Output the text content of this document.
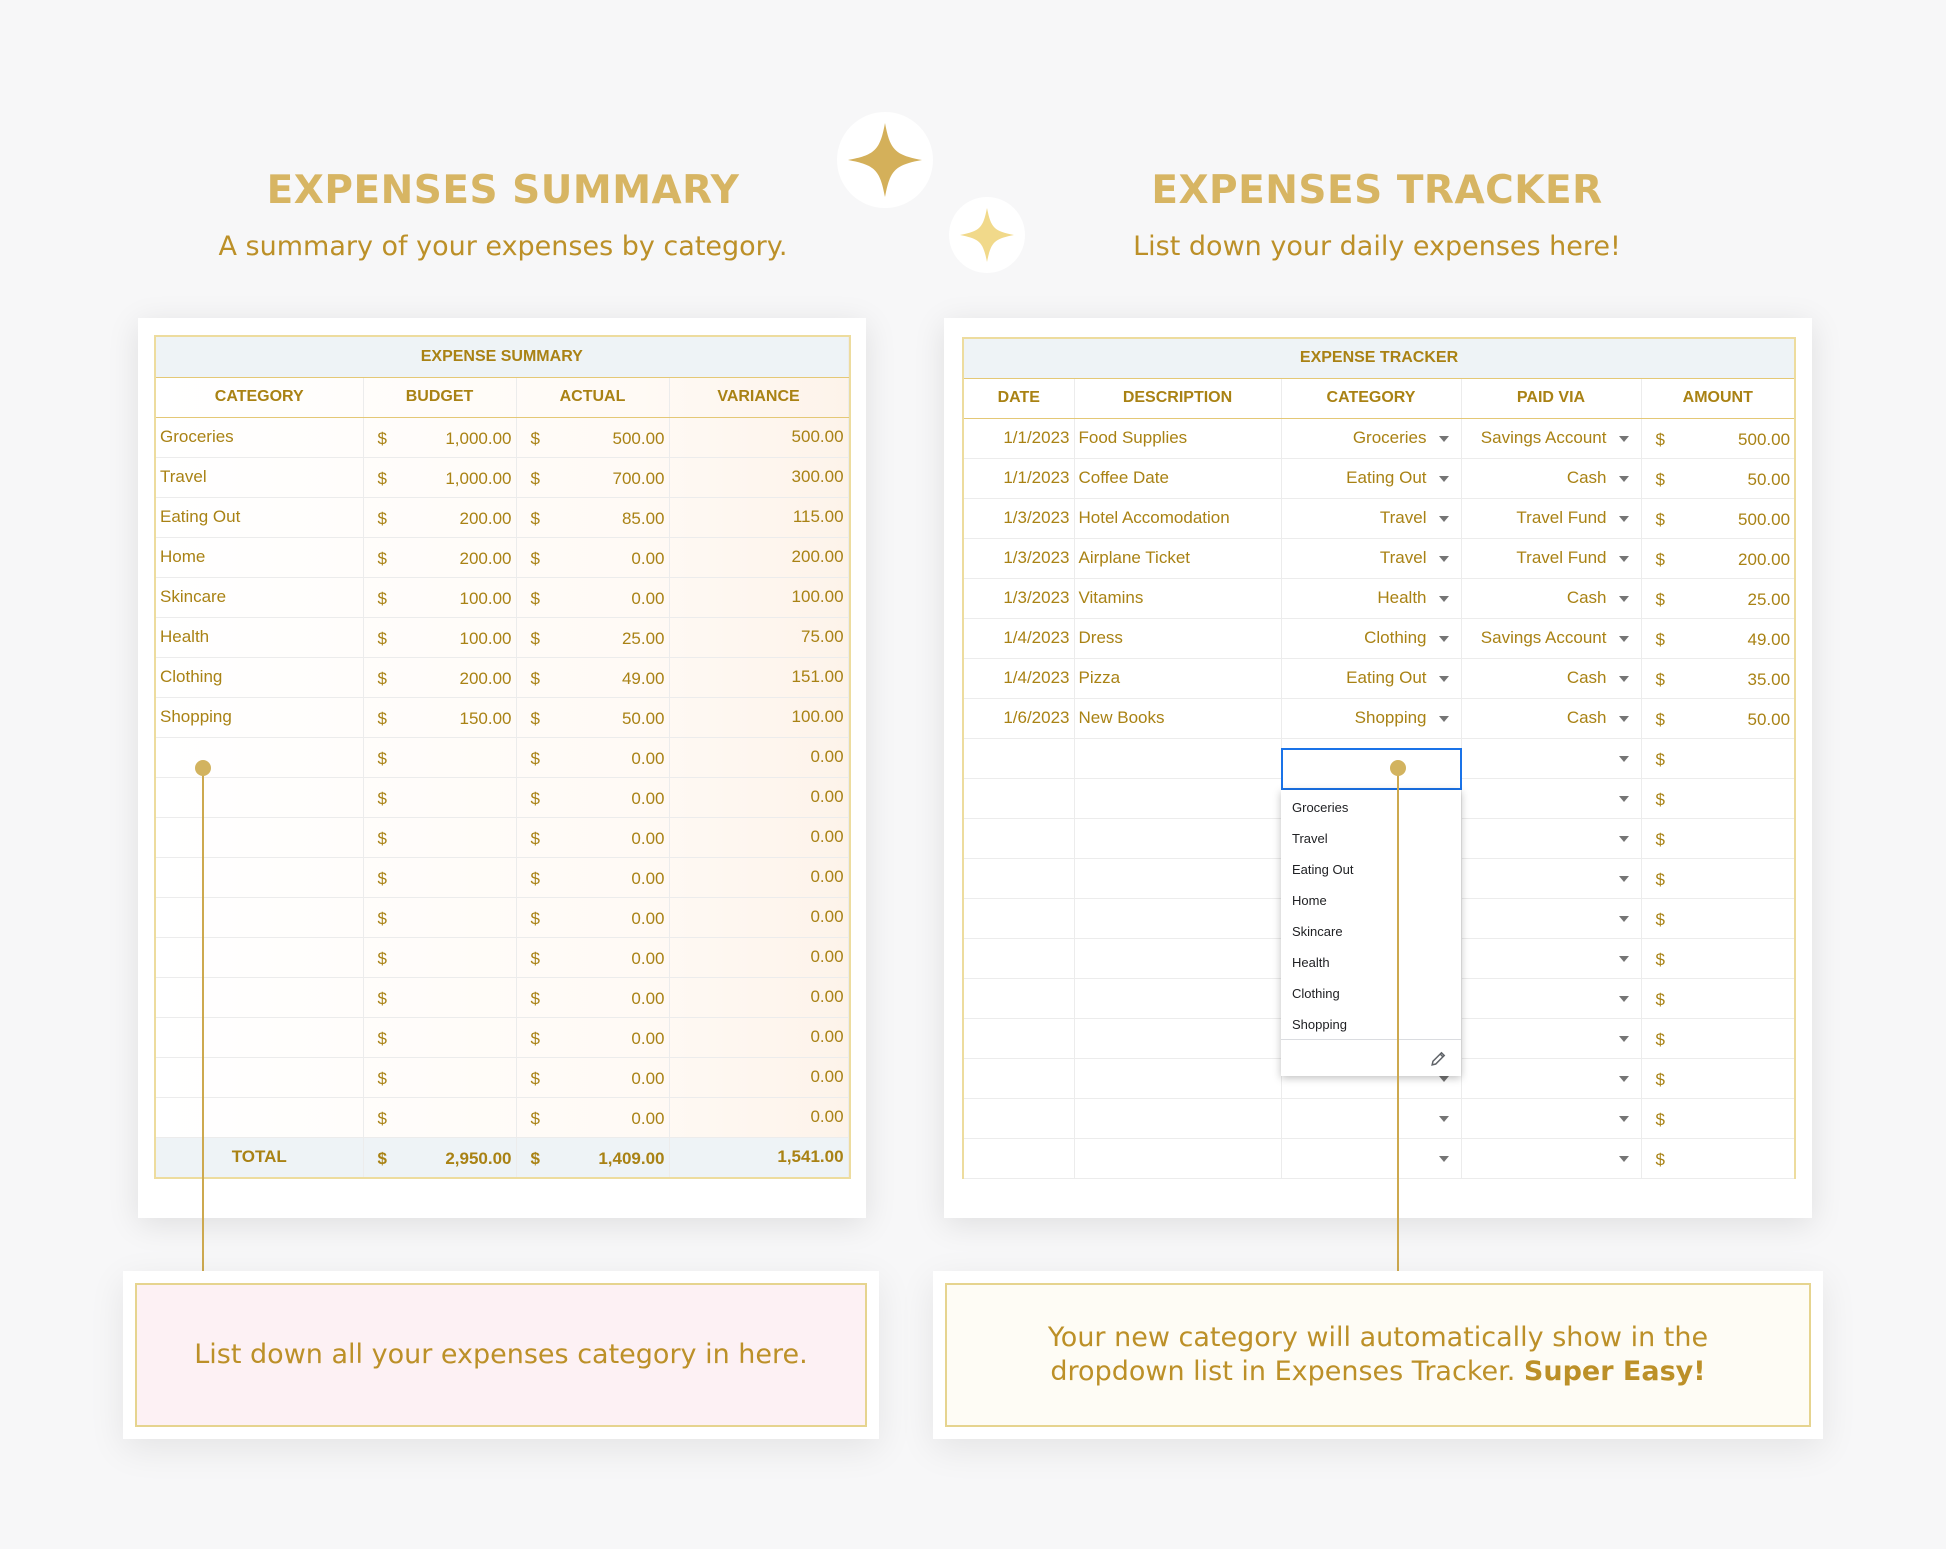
EXPENSES SUMMARY
A summary of your expenses by category.
EXPENSES TRACKER
List down your daily expenses here!
EXPENSE SUMMARY			
CATEGORY	BUDGET	ACTUAL	VARIANCE
Groceries	$ 1,000.00	$ 500.00	500.00
Travel	$ 1,000.00	$ 700.00	300.00
Eating Out	$ 200.00	$ 85.00	115.00
Home	$ 200.00	$ 0.00	200.00
Skincare	$ 100.00	$ 0.00	100.00
Health	$ 100.00	$ 25.00	75.00
Clothing	$ 200.00	$ 49.00	151.00
Shopping	$ 150.00	$ 50.00	100.00

	$	$ 0.00	0.00

	$	$ 0.00	0.00

	$	$ 0.00	0.00

	$	$ 0.00	0.00

	$	$ 0.00	0.00

	$	$ 0.00	0.00

	$	$ 0.00	0.00

	$	$ 0.00	0.00

	$	$ 0.00	0.00

	$	$ 0.00	0.00
TOTAL	$ 2,950.00	$ 1,409.00	1,541.00
EXPENSE TRACKER				
DATE	DESCRIPTION	CATEGORY	PAID VIA	AMOUNT
1/1/2023	Food Supplies	Groceries	Savings Account	$ 500.00

1/1/2023	Coffee Date	Eating Out	Cash	$ 50.00

1/3/2023	Hotel Accomodation	Travel	Travel Fund	$ 500.00

1/3/2023	Airplane Ticket	Travel	Travel Fund	$ 200.00

1/3/2023	Vitamins	Health	Cash	$ 25.00

1/4/2023	Dress	Clothing	Savings Account	$ 49.00

1/4/2023	Pizza	Eating Out	Cash	$ 35.00

1/6/2023	New Books	Shopping	Cash	$ 50.00

				$

				$

				$

				$

				$

				$

				$

				$

				$

				$

				$
Groceries
Travel
Eating Out
Home
Skincare
Health
Clothing
Shopping
List down all your expenses category in here.
Your new category will automatically show in the dropdown list in Expenses Tracker. Super Easy!
